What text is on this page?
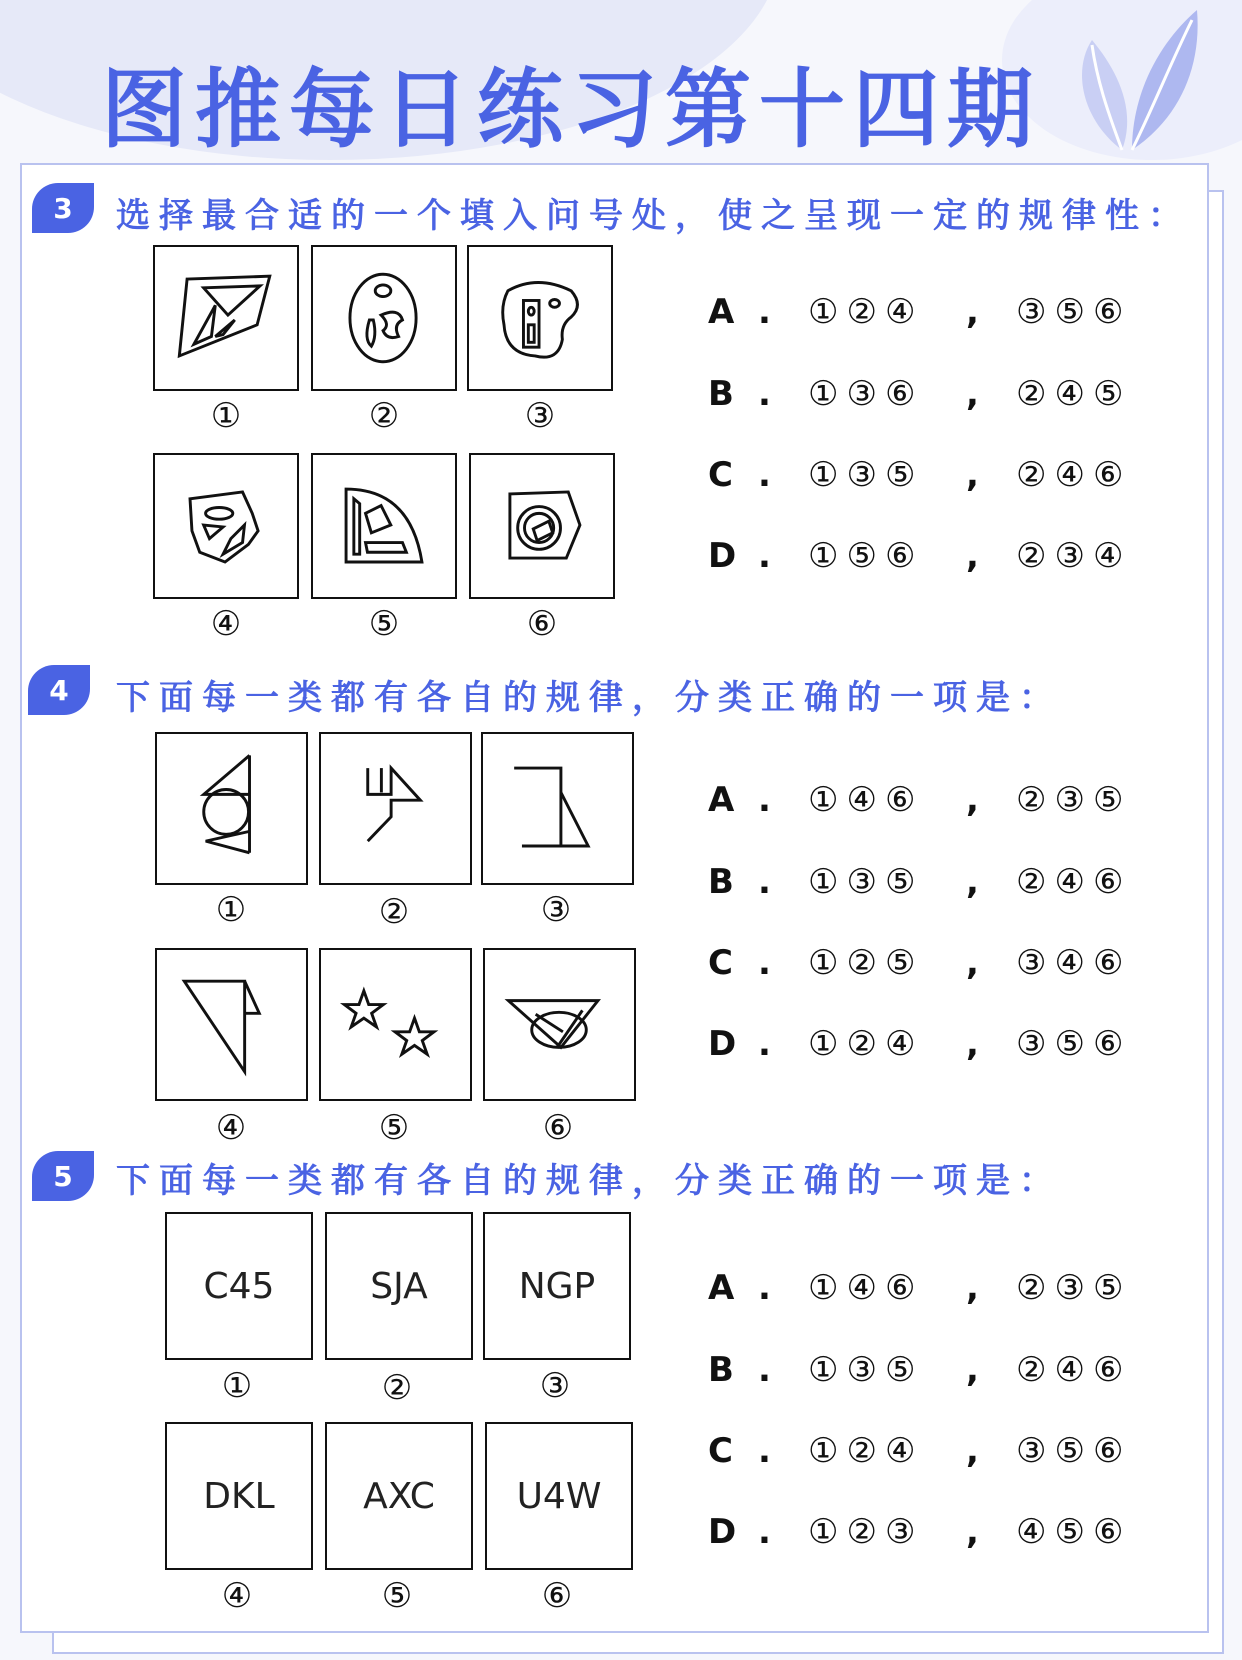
图推每日练习第十四期
3	选择最合适的一个填入问号处，使之呈现一定的规律性：
①	②	③
④	⑤	⑥
A . ①②④ , ③⑤⑥
B . ①③⑥ , ②④⑤
C . ①③⑤ , ②④⑥
D . ①⑤⑥ , ②③④
4	下面每一类都有各自的规律，分类正确的一项是：
①	②	③
④	⑤	⑥
A . ①④⑥ , ②③⑤
B . ①③⑤ , ②④⑥
C . ①②⑤ , ③④⑥
D . ①②④ , ③⑤⑥
5	下面每一类都有各自的规律，分类正确的一项是：
C45	SJA	NGP
①	②	③
DKL	AXC	U4W
④	⑤	⑥
A . ①④⑥ , ②③⑤
B . ①③⑤ , ②④⑥
C . ①②④ , ③⑤⑥
D . ①②③ , ④⑤⑥
